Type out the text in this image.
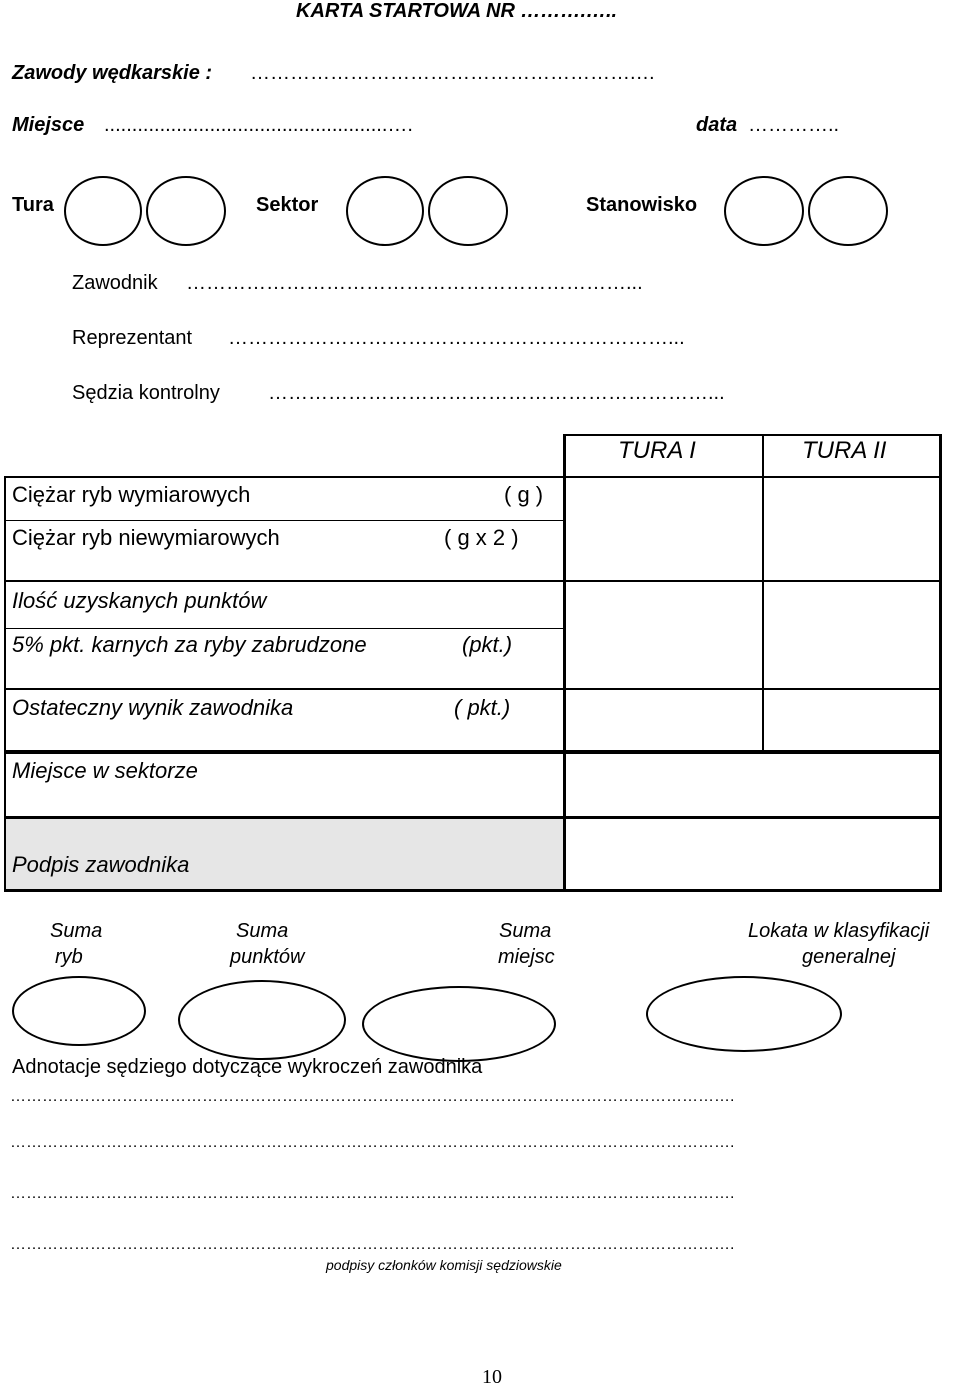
KARTA STARTOWA NR ……….…..
Zawody wędkarskie : ………………………………………………….…
Miejsce ...................................................….	data …………..
Tura	Sektor	Stanowisko
Zawodnik …………………………………………………………...
Reprezentant …………………………………………………………...
Sędzia kontrolny …………………………………………………………...
TURA I	TURA II
Ciężar ryb wymiarowych	( g )
Ciężar ryb niewymiarowych	( g x 2 )
Ilość uzyskanych punktów
5% pkt. karnych za ryby zabrudzone	(pkt.)
Ostateczny wynik zawodnika	( pkt.)
Miejsce w sektorze
Podpis zawodnika
Suma
ryb
Suma
punktów
Suma
miejsc
Lokata w klasyfikacji
generalnej
Adnotacje sędziego dotyczące wykroczeń zawodnika
……………………………………………………………………………………………………………………….
……………………………………………………………………………………………………………………….
……………………………………………………………………………………………………………………….
……………………………………………………………………………………………………………………….
podpisy członków komisji sędziowskie
10
